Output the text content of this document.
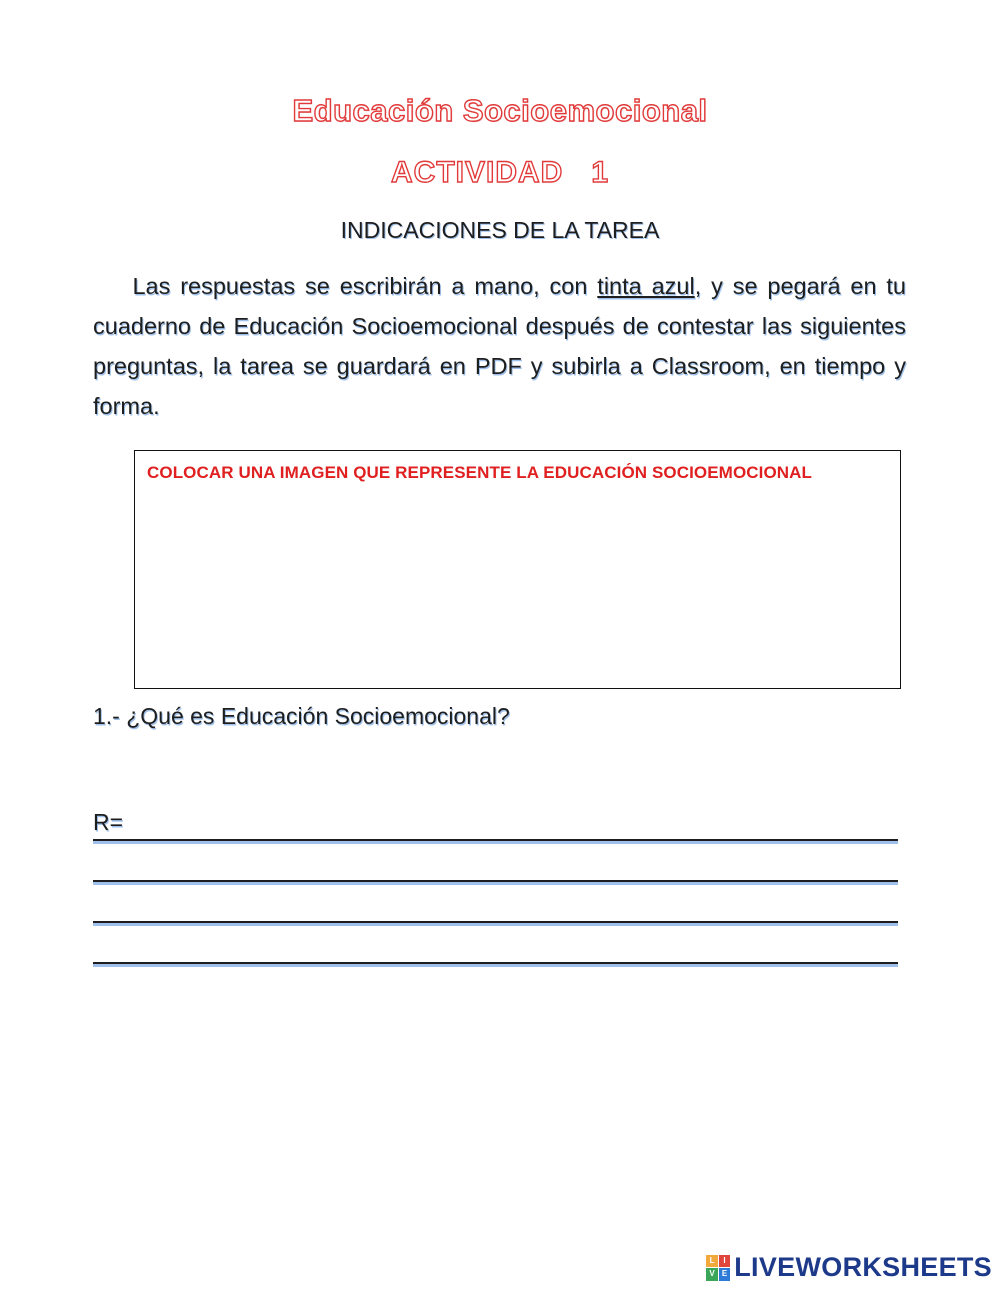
Educación Socioemocional
ACTIVIDAD   1
INDICACIONES DE LA TAREA
Las respuestas se escribirán a mano, con tinta azul, y se pegará en tu cuaderno de Educación Socioemocional después de contestar las siguientes preguntas, la tarea se guardará en PDF y subirla a Classroom, en tiempo y forma.
COLOCAR UNA IMAGEN QUE REPRESENTE LA EDUCACIÓN SOCIOEMOCIONAL
1.- ¿Qué es Educación Socioemocional?
R=
L	I
V E LIVEWORKSHEETS
